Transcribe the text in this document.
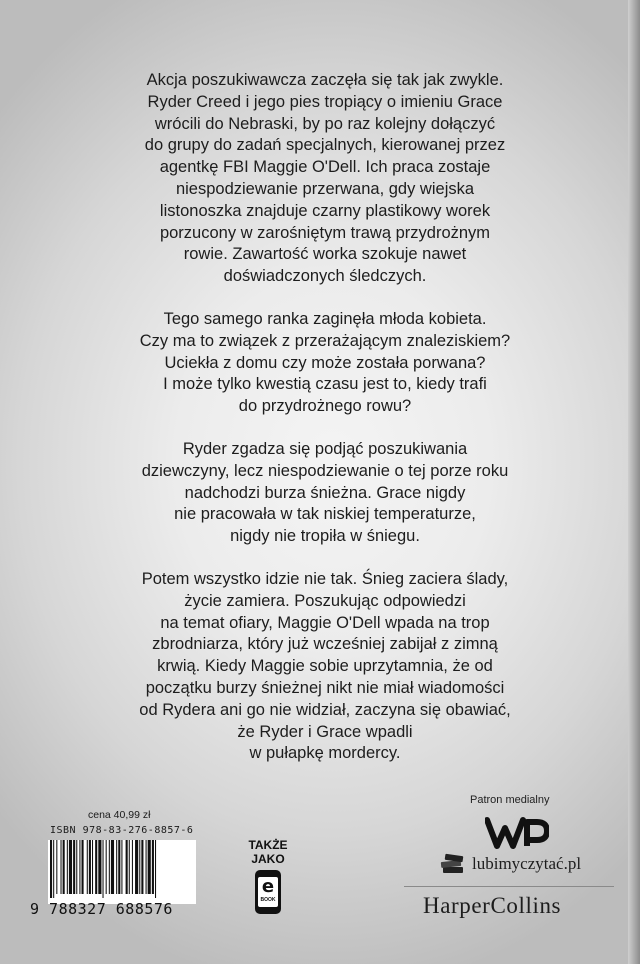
Akcja poszukiwawcza zaczęła się tak jak zwykle.
Ryder Creed i jego pies tropiący o imieniu Grace
wrócili do Nebraski, by po raz kolejny dołączyć
do grupy do zadań specjalnych, kierowanej przez
agentkę FBI Maggie O'Dell. Ich praca zostaje
niespodziewanie przerwana, gdy wiejska
listonoszka znajduje czarny plastikowy worek
porzucony w zarośniętym trawą przydrożnym
rowie. Zawartość worka szokuje nawet
doświadczonych śledczych.

Tego samego ranka zaginęła młoda kobieta.
Czy ma to związek z przerażającym znaleziskiem?
Uciekła z domu czy może została porwana?
I może tylko kwestią czasu jest to, kiedy trafi
do przydrożnego rowu?

Ryder zgadza się podjąć poszukiwania
dziewczyny, lecz niespodziewanie o tej porze roku
nadchodzi burza śnieżna. Grace nigdy
nie pracowała w tak niskiej temperaturze,
nigdy nie tropiła w śniegu.

Potem wszystko idzie nie tak. Śnieg zaciera ślady,
życie zamiera. Poszukując odpowiedzi
na temat ofiary, Maggie O'Dell wpada na trop
zbrodniarza, który już wcześniej zabijał z zimną
krwią. Kiedy Maggie sobie uprzytamnia, że od
początku burzy śnieżnej nikt nie miał wiadomości
od Rydera ani go nie widział, zaczyna się obawiać,
że Ryder i Grace wpadli
w pułapkę mordercy.

cena 40,99 zł
ISBN 978-83-276-8857-6
9 788327 688576
TAKŻE
JAKO
e
BOOK
Patron medialny
lubimyczytać.pl
HarperCollins
